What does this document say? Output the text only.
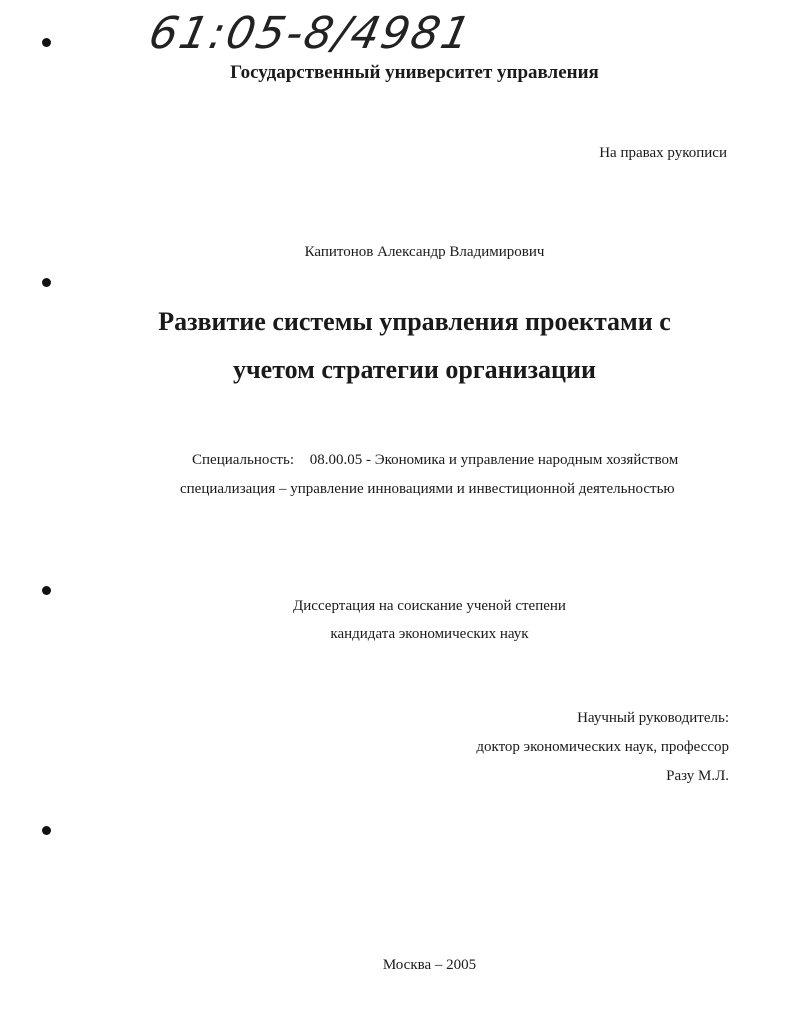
61:05-8/4981
Государственный университет управления
На правах рукописи
Капитонов Александр Владимирович
Развитие системы управления проектами с
учетом стратегии организации
Специальность: 08.00.05 - Экономика и управление народным хозяйством
специализация – управление инновациями и инвестиционной деятельностью
Диссертация на соискание ученой степени
кандидата экономических наук
Научный руководитель:
доктор экономических наук, профессор
Разу М.Л.
Москва – 2005
